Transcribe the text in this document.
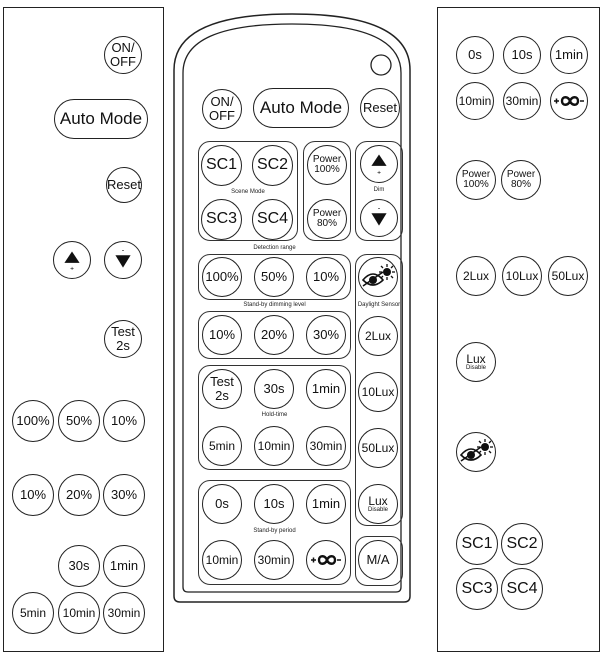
ON/
OFF
Auto Mode
Reset
+
-
Test
2s
100%	50%	10%
10%	20%	30%
30s	1min
5min	10min	30min
ON/
OFF	Auto Mode	Reset
SC1	SC2
Scene Mode
SC3	SC4
Power
100%
Power
80%
+
Dim
-
Detection range
100%	50%	10%
Stand-by dimming level
10%	20%	30%
Test
2s	30s	1min
Hold-time
5min	10min	30min
Daylight Sensor
2Lux
10Lux
50Lux
Lux
Disable
0s	10s	1min
Stand-by period
10min	30min	M/A
0s	10s	1min
10min 30min
Power
100%
Power
80%
2Lux	10Lux	50Lux
Lux
Disable
SC1 SC2
SC3 SC4
